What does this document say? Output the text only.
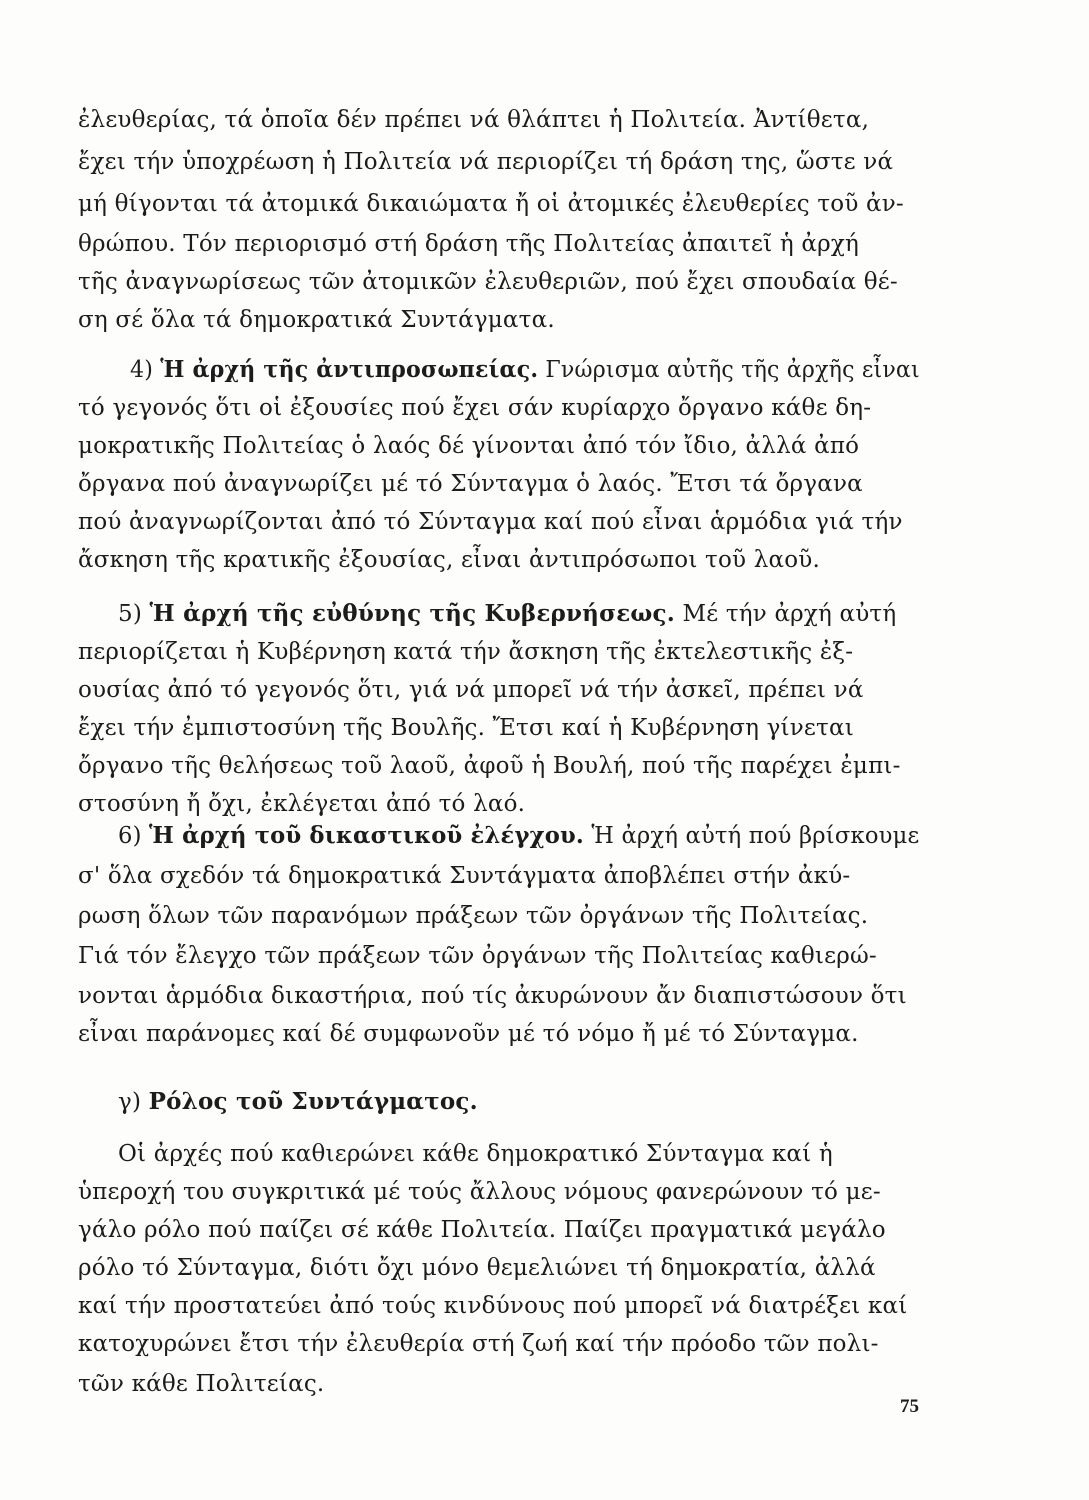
ἐλευθερίας, τά ὁποῖα δέν πρέπει νά θλάπτει ἡ Πολιτεία. Ἀντίθετα,
ἔχει τήν ὑποχρέωση ἡ Πολιτεία νά περιορίζει τή δράση της, ὥστε νά
μή θίγονται τά ἀτομικά δικαιώματα ἤ οἱ ἀτομικές ἐλευθερίες τοῦ ἀν-
θρώπου. Τόν περιορισμό στή δράση τῆς Πολιτείας ἀπαιτεῖ ἡ ἀρχή
τῆς ἀναγνωρίσεως τῶν ἀτομικῶν ἐλευθεριῶν, πού ἔχει σπουδαία θέ-
ση σέ ὅλα τά δημοκρατικά Συντάγματα.
4) Ἡ ἀρχή τῆς ἀντιπροσωπείας. Γνώρισμα αὐτῆς τῆς ἀρχῆς εἶναι
τό γεγονός ὅτι οἱ ἐξουσίες πού ἔχει σάν κυρίαρχο ὄργανο κάθε δη-
μοκρατικῆς Πολιτείας ὁ λαός δέ γίνονται ἀπό τόν ἴδιο, ἀλλά ἀπό
ὄργανα πού ἀναγνωρίζει μέ τό Σύνταγμα ὁ λαός. Ἔτσι τά ὄργανα
πού ἀναγνωρίζονται ἀπό τό Σύνταγμα καί πού εἶναι ἁρμόδια γιά τήν
ἄσκηση τῆς κρατικῆς ἐξουσίας, εἶναι ἀντιπρόσωποι τοῦ λαοῦ.
5) Ἡ ἀρχή τῆς εὐθύνης τῆς Κυβερνήσεως. Μέ τήν ἀρχή αὐτή
περιορίζεται ἡ Κυβέρνηση κατά τήν ἄσκηση τῆς ἐκτελεστικῆς ἐξ-
ουσίας ἀπό τό γεγονός ὅτι, γιά νά μπορεῖ νά τήν ἀσκεῖ, πρέπει νά
ἔχει τήν ἐμπιστοσύνη τῆς Βουλῆς. Ἔτσι καί ἡ Κυβέρνηση γίνεται
ὄργανο τῆς θελήσεως τοῦ λαοῦ, ἀφοῦ ἡ Βουλή, πού τῆς παρέχει ἐμπι-
στοσύνη ἤ ὄχι, ἐκλέγεται ἀπό τό λαό.
6) Ἡ ἀρχή τοῦ δικαστικοῦ ἐλέγχου. Ἡ ἀρχή αὐτή πού βρίσκουμε
σ' ὅλα σχεδόν τά δημοκρατικά Συντάγματα ἀποβλέπει στήν ἀκύ-
ρωση ὅλων τῶν παρανόμων πράξεων τῶν ὀργάνων τῆς Πολιτείας.
Γιά τόν ἔλεγχο τῶν πράξεων τῶν ὀργάνων τῆς Πολιτείας καθιερώ-
νονται ἁρμόδια δικαστήρια, πού τίς ἀκυρώνουν ἄν διαπιστώσουν ὅτι
εἶναι παράνομες καί δέ συμφωνοῦν μέ τό νόμο ἤ μέ τό Σύνταγμα.
γ) Ρόλος τοῦ Συντάγματος.
Οἱ ἀρχές πού καθιερώνει κάθε δημοκρατικό Σύνταγμα καί ἡ
ὑπεροχή του συγκριτικά μέ τούς ἄλλους νόμους φανερώνουν τό με-
γάλο ρόλο πού παίζει σέ κάθε Πολιτεία. Παίζει πραγματικά μεγάλο
ρόλο τό Σύνταγμα, διότι ὄχι μόνο θεμελιώνει τή δημοκρατία, ἀλλά
καί τήν προστατεύει ἀπό τούς κινδύνους πού μπορεῖ νά διατρέξει καί
κατοχυρώνει ἔτσι τήν ἐλευθερία στή ζωή καί τήν πρόοδο τῶν πολι-
τῶν κάθε Πολιτείας.
75
